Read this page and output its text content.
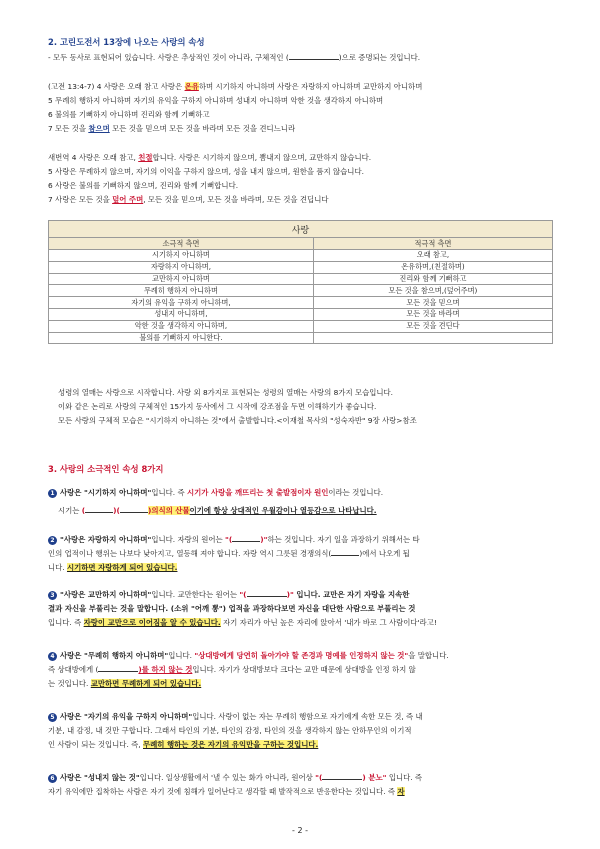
2. 고린도전서 13장에 나오는 사랑의 속성
- 모두 동사로 표현되어 있습니다. 사랑은 추상적인 것이 아니라, 구체적인 (	)으로 증명되는 것입니다.
(고전 13:4-7) 4 사랑은 오래 참고 사랑은 온유하며 시기하지 아니하며 사랑은 자랑하지 아니하며 교만하지 아니하며
5 무례히 행하지 아니하며 자기의 유익을 구하지 아니하며 성내지 아니하며 악한 것을 생각하지 아니하며
6 불의를 기뻐하지 아니하며 진리와 함께 기뻐하고
7 모든 것을 참으며 모든 것을 믿으며 모든 것을 바라며 모든 것을 견디느니라
새번역 4 사랑은 오래 참고, 친절합니다. 사랑은 시기하지 않으며, 뽐내지 않으며, 교만하지 않습니다.
5 사랑은 무례하지 않으며, 자기의 이익을 구하지 않으며, 성을 내지 않으며, 원한을 품지 않습니다.
6 사랑은 불의를 기뻐하지 않으며, 진리와 함께 기뻐합니다.
7 사랑은 모든 것을 덮어 주며, 모든 것을 믿으며, 모든 것을 바라며, 모든 것을 견딥니다
사랑	
소극적 측면	적극적 측면
시기하지 아니하며	오래 참고,
자랑하지 아니하며,	온유하며,(친절하며)
교만하지 아니하며	진리와 함께 기뻐하고
무례히 행하지 아니하며	모든 것을 참으며,(덮어주며)
자기의 유익을 구하지 아니하며,	모든 것을 믿으며
성내지 아니하며,	모든 것을 바라며
악한 것을 생각하지 아니하며,	모든 것을 견딘다
불의를 기뻐하지 아니한다.	
성령의 열매는 사랑으로 시작합니다. 사랑 외 8가지로 표현되는 성령의 열매는 사랑의 8가지 모습입니다.
이와 같은 논리로 사랑의 구체적인 15가지 동사에서 그 시작에 강조점을 두면 이해하기가 좋습니다.
모든 사랑의 구체적 모습은 "시기하지 아니하는 것"에서 출발합니다.<이재철 목사의 "성숙자반" 9장 사랑>참조
3. 사랑의 소극적인 속성 8가지
1 사랑은 "시기하지 아니하며"입니다. 즉 시기가 사랑을 깨뜨리는 첫 출발점이자 원인이라는 것입니다.
시기는 (	)(	)의식의 산물이기에 항상 상대적인 우월감이나 열등감으로 나타납니다.
2 "사랑은 자랑하지 아니하며"입니다. 자랑의 원어는 "(	)"하는 것입니다. 자기 일을 과장하기 위해서는 타
인의 업적이나 행위는 나보다 낮아지고, 열등해 져야 합니다. 자랑 역시 그릇된 경쟁의식(	)에서 나오게 됩
니다. 시기하면 자랑하게 되어 있습니다.
3 "사랑은 교만하지 아니하며"입니다. 교만한다는 원어는 "(	)" 입니다. 교만은 자기 자랑을 지속한
결과 자신을 부풀리는 것을 말합니다. (소위 "어깨 뽕") 업적을 과장하다보면 자신을 대단한 사람으로 부풀리는 것
입니다. 즉 자랑이 교만으로 이어짐을 알 수 있습니다. 자기 자리가 아닌 높은 자리에 앉아서 '내가 바로 그 사람이다'라고!
4 사랑은 "무례히 행하지 아니하며"입니다. "상대방에게 당연히 돌아가야 할 존경과 명예를 인정하지 않는 것"을 말합니다.
즉 상대방에게 (	)를 하지 않는 것입니다. 자기가 상대방보다 크다는 교만 때문에 상대방을 인정 하지 않
는 것입니다. 교만하면 무례하게 되어 있습니다.
5 사랑은 "자기의 유익을 구하지 아니하며"입니다. 사랑이 없는 자는 무례히 행함으로 자기에게 속한 모든 것, 즉 내
기분, 내 감정, 내 것만 구합니다. 그래서 타인의 기분, 타인의 감정, 타인의 것을 생각하지 않는 안하무인의 이기적
인 사람이 되는 것입니다. 즉, 무례히 행하는 것은 자기의 유익만을 구하는 것입니다.
6 사랑은 "성내지 않는 것"입니다. 일상생활에서 '낼 수 있는 화가 아니라, 원어상 "(	) 분노" 입니다. 즉
자기 유익에만 집착하는 사람은 자기 것에 침해가 일어난다고 생각할 때 발작적으로 반응한다는 것입니다. 즉 자
- 2 -
